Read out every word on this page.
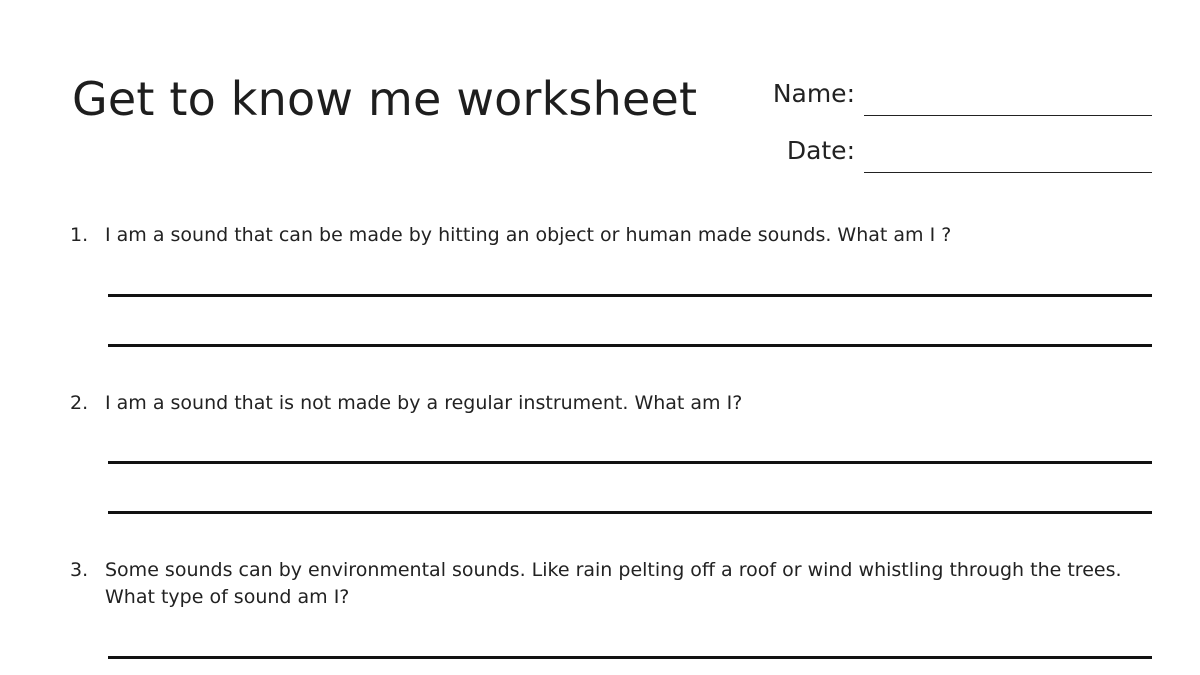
Get to know me worksheet	Name:
Date:
1. I am a sound that can be made by hitting an object or human made sounds. What am I ?

2. I am a sound that is not made by a regular instrument. What am I?

3. Some sounds can by environmental sounds. Like rain pelting off a roof or wind whistling through the trees. What type of sound am I?
